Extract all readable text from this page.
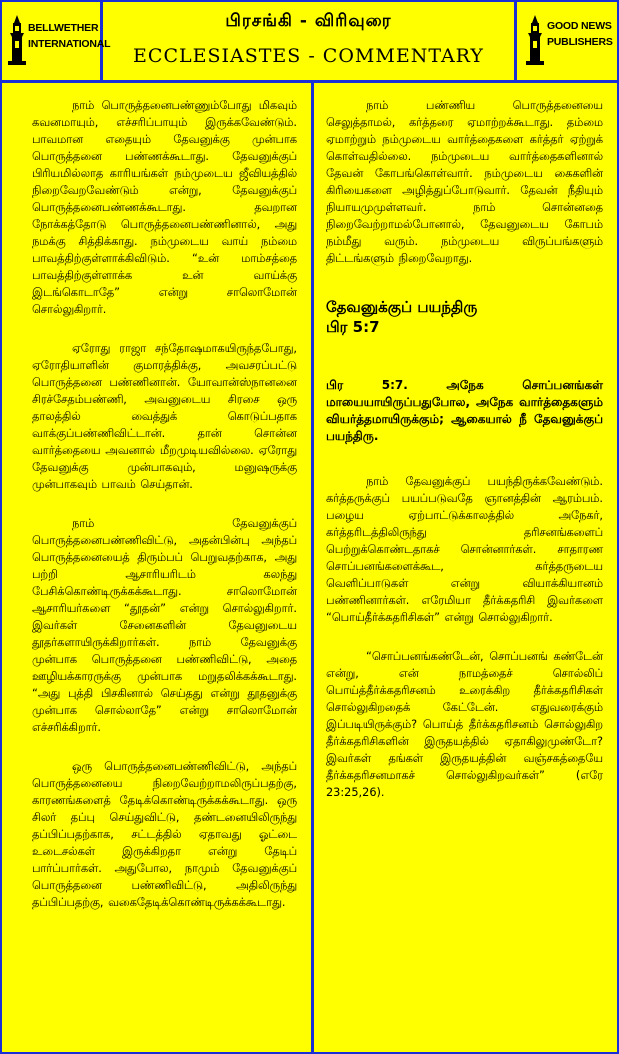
BELLWETHER
INTERNATIONAL
பிரசங்கி - விரிவுரை
ECCLESIASTES - COMMENTARY
GOOD NEWS
PUBLISHERS

நாம் பொருத்தனைபண்ணும்போது மிகவும் கவனமாயும், எச்சரிப்பாயும் இருக்கவேண்டும். பாவமான எதையும் தேவனுக்கு முன்பாக பொருத்தனை பண்ணக்கூடாது. தேவனுக்குப் பிரியமில்லாத காரியங்கள் நம்முடைய ஜீவியத்தில் நிறைவேறவேண்டும் என்று, தேவனுக்குப் பொருத்தனைபண்ணக்கூடாது. தவறான நோக்கத்தோடு பொருத்தனைபண்ணினால், அது நமக்கு சித்திக்காது. நம்முடைய வாய் நம்மை பாவத்திற்குள்ளாக்கிவிடும். “உன் மாம்சத்தை பாவத்திற்குள்ளாக்க உன் வாய்க்கு இடங்கொடாதே” என்று சாலொமோன் சொல்லுகிறார்.

ஏரோது ராஜா சந்தோஷமாகயிருந்தபோது, ஏரோதியாளின் குமாரத்திக்கு, அவசரப்பட்டு பொருத்தனை பண்ணினான். யோவான்ஸ்நானனை சிரச்சேதம்பண்ணி, அவனுடைய சிரசை ஒரு தாலத்தில் வைத்துக் கொடுப்பதாக வாக்குப்பண்ணிவிட்டான். தான் சொன்ன வார்த்தையை அவனால் மீறமுடியவில்லை. ஏரோது தேவனுக்கு முன்பாகவும், மனுஷருக்கு முன்பாகவும் பாவம் செய்தான்.

நாம் தேவனுக்குப் பொருத்தனைபண்ணிவிட்டு, அதன்பின்பு அந்தப் பொருத்தனையைத் திரும்பப் பெறுவதற்காக, அது பற்றி ஆசாரியரிடம் கலந்து பேசிக்கொண்டிருக்கக்கூடாது. சாலொமோன் ஆசாரியர்களை “தூதன்” என்று சொல்லுகிறார். இவர்கள் சேனைகளின் தேவனுடைய தூதர்களாயிருக்கிறார்கள். நாம் தேவனுக்கு முன்பாக பொருத்தனை பண்ணிவிட்டு, அதை ஊழியக்காரருக்கு முன்பாக மறுதலிக்கக்கூடாது. “அது புத்தி பிசகினால் செய்தது என்று தூதனுக்கு முன்பாக சொல்லாதே” என்று சாலொமோன் எச்சரிக்கிறார்.

ஒரு பொருத்தனைபண்ணிவிட்டு, அந்தப் பொருத்தனையை நிறைவேற்றாமலிருப்பதற்கு, காரணங்களைத் தேடிக்கொண்டிருக்கக்கூடாது. ஒரு சிலர் தப்பு செய்துவிட்டு, தண்டனையிலிருந்து தப்பிப்பதற்காக, சட்டத்தில் ஏதாவது ஓட்டை உடைசல்கள் இருக்கிறதா என்று தேடிப் பார்ப்பார்கள். அதுபோல, நாமும் தேவனுக்குப் பொருத்தனை பண்ணிவிட்டு, அதிலிருந்து தப்பிப்பதற்கு, வகைதேடிக்கொண்டிருக்கக்கூடாது.

நாம் பண்ணிய பொருத்தனையை செலுத்தாமல், கர்த்தரை ஏமாற்றக்கூடாது. தம்மை ஏமாற்றும் நம்முடைய வார்த்தைகளை கர்த்தர் ஏற்றுக் கொள்வதில்லை. நம்முடைய வார்த்தைகளினால் தேவன் கோபங்கொள்வார். நம்முடைய கைகளின் கிரியைகளை அழித்துப்போடுவார். தேவன் நீதியும் நியாயமுமுள்ளவர். நாம் சொன்னதை நிறைவேற்றாமல்போனால், தேவனுடைய கோபம் நம்மீது வரும். நம்முடைய விருப்பங்களும் திட்டங்களும் நிறைவேறாது.

தேவனுக்குப் பயந்திரு
பிர 5:7

பிர 5:7. அநேக சொப்பனங்கள் மாயையாயிருப்பதுபோல, அநேக வார்த்தைகளும் வியர்த்தமாயிருக்கும்; ஆகையால் நீ தேவனுக்குப் பயந்திரு.

நாம் தேவனுக்குப் பயந்திருக்கவேண்டும். கர்த்தருக்குப் பயப்படுவதே ஞானத்தின் ஆரம்பம். பழைய ஏற்பாட்டுக்காலத்தில் அநேகர், கர்த்தரிடத்திலிருந்து தரிசனங்களைப் பெற்றுக்கொண்டதாகச் சொன்னார்கள். சாதாரண சொப்பனங்களைக்கூட, கர்த்தருடைய வெளிப்பாடுகள் என்று வியாக்கியானம் பண்ணினார்கள். எரேமியா தீர்க்கதரிசி இவர்களை “பொய்தீர்க்கதரிசிகள்” என்று சொல்லுகிறார்.

“சொப்பனங்கண்டேன், சொப்பனங் கண்டேன் என்று, என் நாமத்தைச் சொல்லிப் பொய்த்தீர்க்கதரிசனம் உரைக்கிற தீர்க்கதரிசிகள் சொல்லுகிறதைக் கேட்டேன். எதுவரைக்கும் இப்படியிருக்கும்? பொய்த் தீர்க்கதரிசனம் சொல்லுகிற தீர்க்கதரிசிகளின் இருதயத்தில் ஏதாகிலுமுண்டோ? இவர்கள் தங்கள் இருதயத்தின் வஞ்சகத்தையே தீர்க்கதரிசனமாகச் சொல்லுகிறவர்கள்” (எரே 23:25,26).
